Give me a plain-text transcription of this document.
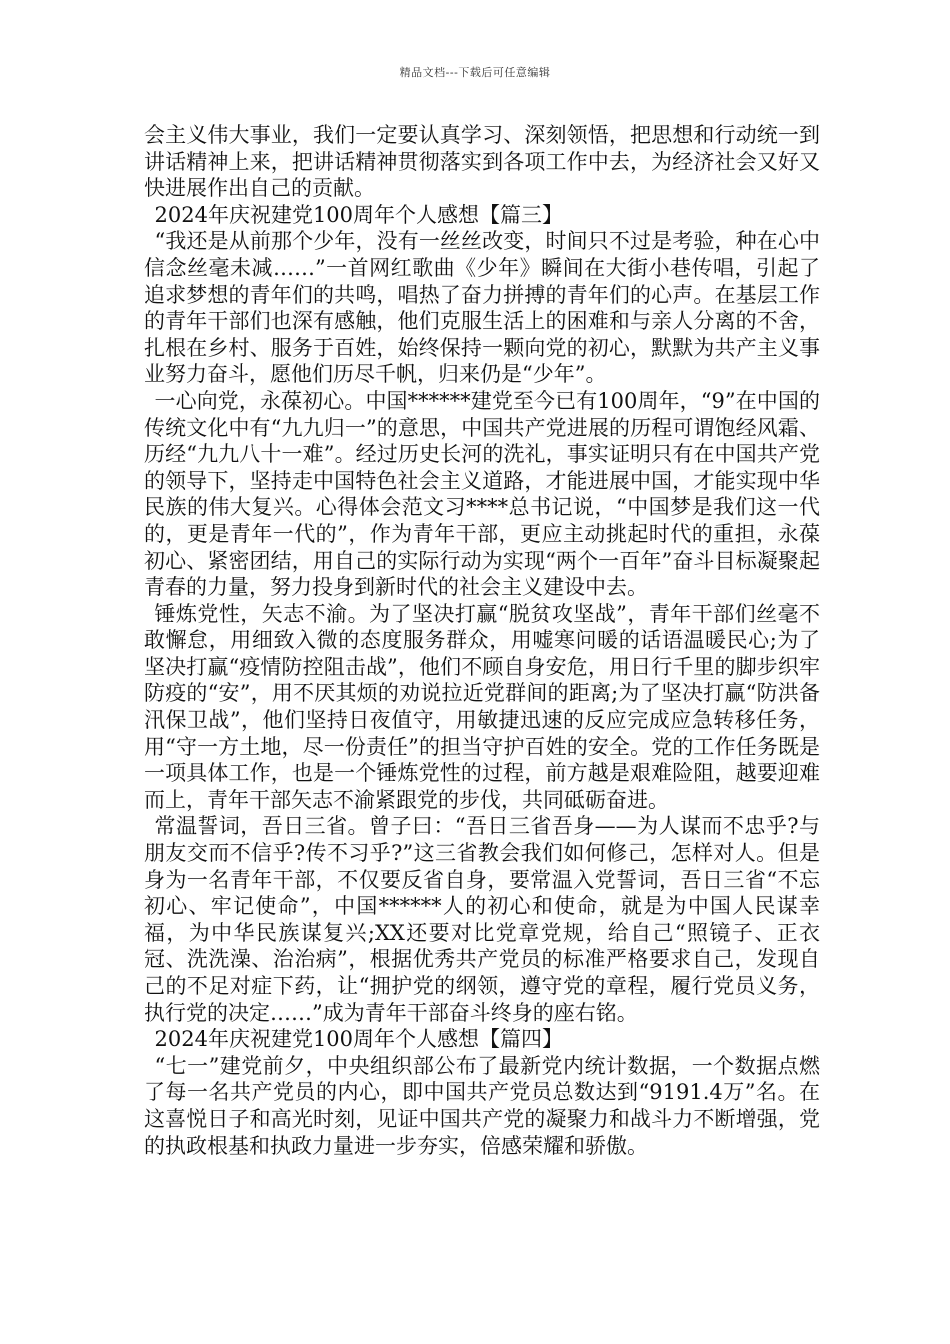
精品文档---下载后可任意编辑

会主义伟大事业，我们一定要认真学习、深刻领悟，把思想和行动统一到讲话精神上来，把讲话精神贯彻落实到各项工作中去，为经济社会又好又快进展作出自己的贡献。

2024年庆祝建党100周年个人感想【篇三】

“我还是从前那个少年，没有一丝丝改变，时间只不过是考验，种在心中信念丝毫未减……”一首网红歌曲《少年》瞬间在大街小巷传唱，引起了追求梦想的青年们的共鸣，唱热了奋力拼搏的青年们的心声。在基层工作的青年干部们也深有感触，他们克服生活上的困难和与亲人分离的不舍，扎根在乡村、服务于百姓，始终保持一颗向党的初心，默默为共产主义事业努力奋斗，愿他们历尽千帆，归来仍是“少年”。

一心向党，永葆初心。中国******建党至今已有100周年，“9”在中国的传统文化中有“九九归一”的意思，中国共产党进展的历程可谓饱经风霜、历经“九九八十一难”。经过历史长河的洗礼，事实证明只有在中国共产党的领导下，坚持走中国特色社会主义道路，才能进展中国，才能实现中华民族的伟大复兴。心得体会范文习****总书记说，“中国梦是我们这一代的，更是青年一代的”，作为青年干部，更应主动挑起时代的重担，永葆初心、紧密团结，用自己的实际行动为实现“两个一百年”奋斗目标凝聚起青春的力量，努力投身到新时代的社会主义建设中去。

锤炼党性，矢志不渝。为了坚决打赢“脱贫攻坚战”，青年干部们丝毫不敢懈怠，用细致入微的态度服务群众，用嘘寒问暖的话语温暖民心;为了坚决打赢“疫情防控阻击战”，他们不顾自身安危，用日行千里的脚步织牢防疫的“安”，用不厌其烦的劝说拉近党群间的距离;为了坚决打赢“防洪备汛保卫战”，他们坚持日夜值守，用敏捷迅速的反应完成应急转移任务，用“守一方土地，尽一份责任”的担当守护百姓的安全。党的工作任务既是一项具体工作，也是一个锤炼党性的过程，前方越是艰难险阻，越要迎难而上，青年干部矢志不渝紧跟党的步伐，共同砥砺奋进。

常温誓词，吾日三省。曾子曰：“吾日三省吾身——为人谋而不忠乎?与朋友交而不信乎?传不习乎?”这三省教会我们如何修己，怎样对人。但是身为一名青年干部，不仅要反省自身，要常温入党誓词，吾日三省“不忘初心、牢记使命”，中国******人的初心和使命，就是为中国人民谋幸福，为中华民族谋复兴;XX还要对比党章党规，给自己“照镜子、正衣冠、洗洗澡、治治病”，根据优秀共产党员的标准严格要求自己，发现自己的不足对症下药，让“拥护党的纲领，遵守党的章程，履行党员义务，执行党的决定……”成为青年干部奋斗终身的座右铭。

2024年庆祝建党100周年个人感想【篇四】

“七一”建党前夕，中央组织部公布了最新党内统计数据，一个数据点燃了每一名共产党员的内心，即中国共产党员总数达到“9191.4万”名。在这喜悦日子和高光时刻，见证中国共产党的凝聚力和战斗力不断增强，党的执政根基和执政力量进一步夯实，倍感荣耀和骄傲。
